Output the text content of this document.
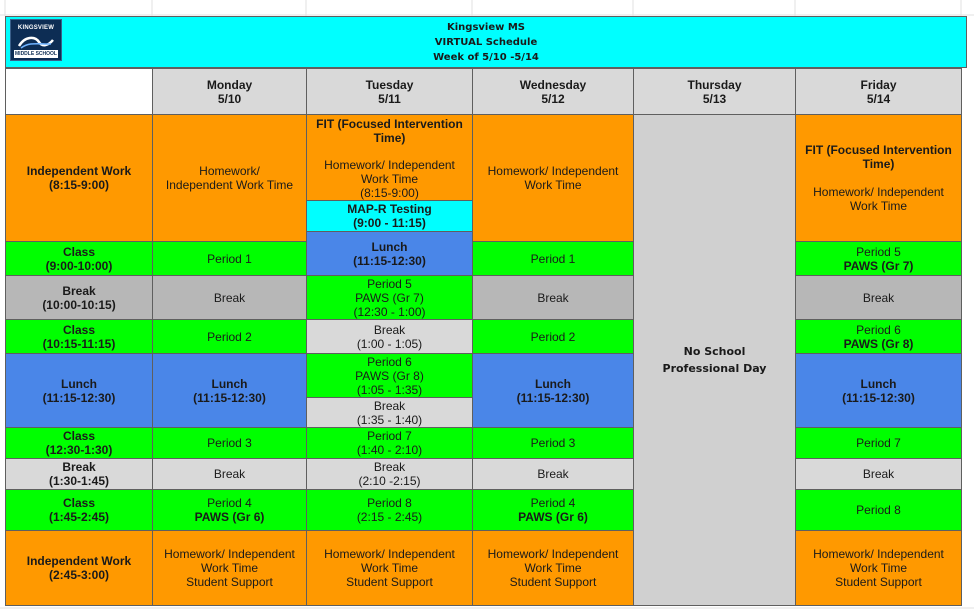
Kingsview MS
VIRTUAL Schedule
Week of 5/10 -5/14
KINGSVIEW
MIDDLE SCHOOL
Monday
5/10
Tuesday
5/11
Wednesday
5/12
Thursday
5/13
Friday
5/14
Independent Work
(8:15-9:00)
Class
(9:00-10:00)
Break
(10:00-10:15)
Class
(10:15-11:15)
Lunch
(11:15-12:30)
Class
(12:30-1:30)
Break
(1:30-1:45)
Class
(1:45-2:45)
Independent Work
(2:45-3:00)
Homework/ Independent Work Time
Period 1
Break
Period 2
Lunch
(11:15-12:30)
Period 3
Break
Period 4
PAWS (Gr 6)
Homework/ Independent
Work Time
Student Support
FIT (Focused Intervention
Time)
Homework/ Independent
Work Time
(8:15-9:00)
MAP-R Testing
(9:00 - 11:15)
Lunch
(11:15-12:30)
Period 5
PAWS (Gr 7)
(12:30 - 1:00)
Break
(1:00 - 1:05)
Period 6
PAWS (Gr 8)
(1:05 - 1:35)
Break
(1:35 - 1:40)
Period 7
(1:40 - 2:10)
Break
(2:10 -2:15)
Period 8
(2:15 - 2:45)
Homework/ Independent
Work Time
Student Support
Homework/ Independent Work Time
Period 1
Break
Period 2
Lunch
(11:15-12:30)
Period 3
Break
Period 4
PAWS (Gr 6)
Homework/ Independent
Work Time
Student Support
No School
Professional Day
FIT (Focused Intervention
Time)
Homework/ Independent
Work Time
Period 5
PAWS (Gr 7)
Break
Period 6
PAWS (Gr 8)
Lunch
(11:15-12:30)
Period 7
Break
Period 8
Homework/ Independent
Work Time
Student Support
